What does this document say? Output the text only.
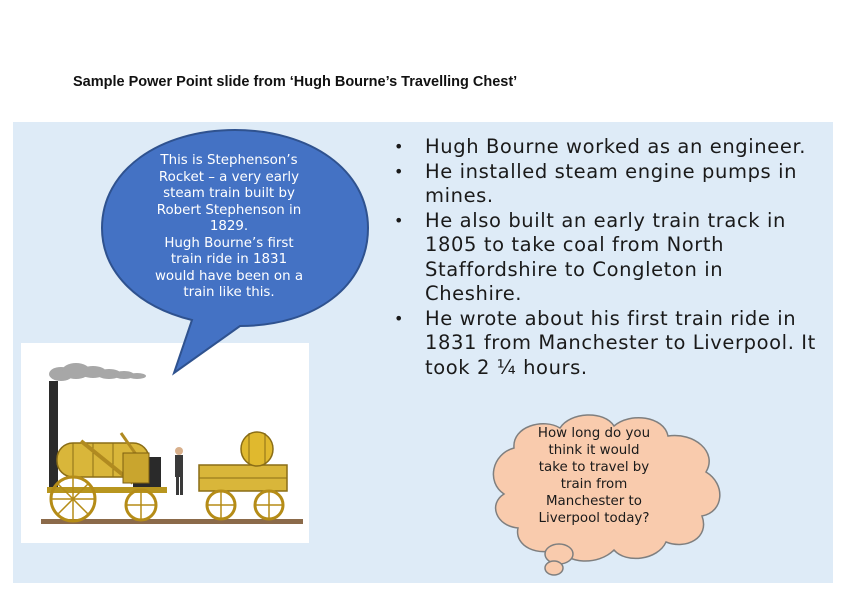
Sample Power Point slide from ‘Hugh Bourne’s Travelling Chest’
• Hugh Bourne worked as an engineer.
• He installed steam engine pumps in mines.
• He also built an early train track in 1805 to take coal from North Staffordshire to Congleton in Cheshire.
• He wrote about his first train ride in 1831 from Manchester to Liverpool. It took 2 ¼ hours.
This is Stephenson’s
Rocket – a very early
steam train built by
Robert Stephenson in
1829.
Hugh Bourne’s first
train ride in 1831
would have been on a
train like this.
How long do you
think it would
take to travel by
train from
Manchester to
Liverpool today?
